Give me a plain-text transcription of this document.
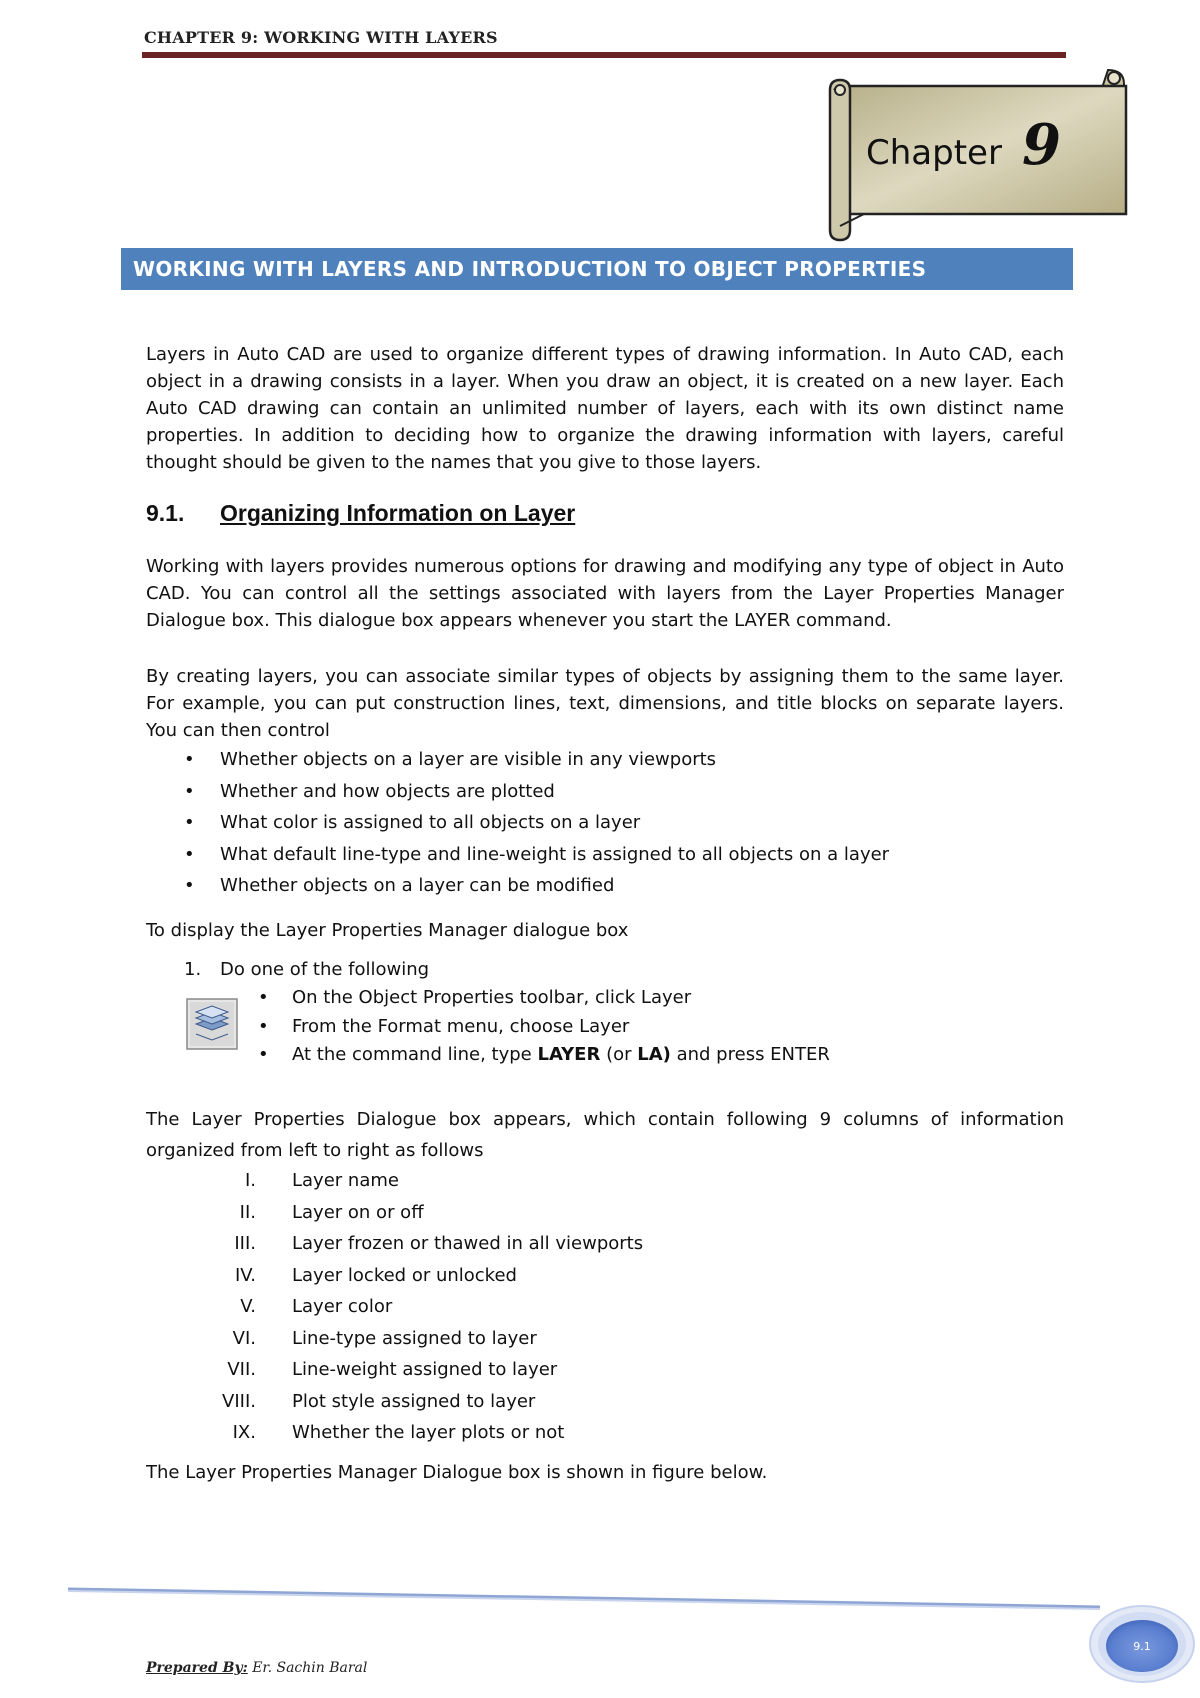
CHAPTER 9: WORKING WITH LAYERS
Chapter 9
WORKING WITH LAYERS AND INTRODUCTION TO OBJECT PROPERTIES
Layers in Auto CAD are used to organize different types of drawing information. In Auto CAD, each object in a drawing consists in a layer. When you draw an object, it is created on a new layer. Each Auto CAD drawing can contain an unlimited number of layers, each with its own distinct name properties. In addition to deciding how to organize the drawing information with layers, careful thought should be given to the names that you give to those layers.
9.1. Organizing Information on Layer
Working with layers provides numerous options for drawing and modifying any type of object in Auto CAD. You can control all the settings associated with layers from the Layer Properties Manager Dialogue box. This dialogue box appears whenever you start the LAYER command.
By creating layers, you can associate similar types of objects by assigning them to the same layer. For example, you can put construction lines, text, dimensions, and title blocks on separate layers. You can then control
• Whether objects on a layer are visible in any viewports
• Whether and how objects are plotted
• What color is assigned to all objects on a layer
• What default line-type and line-weight is assigned to all objects on a layer
• Whether objects on a layer can be modified
To display the Layer Properties Manager dialogue box
1. Do one of the following
• On the Object Properties toolbar, click Layer
• From the Format menu, choose Layer
• At the command line, type LAYER (or LA) and press ENTER
The Layer Properties Dialogue box appears, which contain following 9 columns of information organized from left to right as follows
I. Layer name
II. Layer on or off
III. Layer frozen or thawed in all viewports
IV. Layer locked or unlocked
V. Layer color
VI. Line-type assigned to layer
VII. Line-weight assigned to layer
VIII. Plot style assigned to layer
IX. Whether the layer plots or not
The Layer Properties Manager Dialogue box is shown in figure below.
Prepared By: Er. Sachin Baral
9.1
